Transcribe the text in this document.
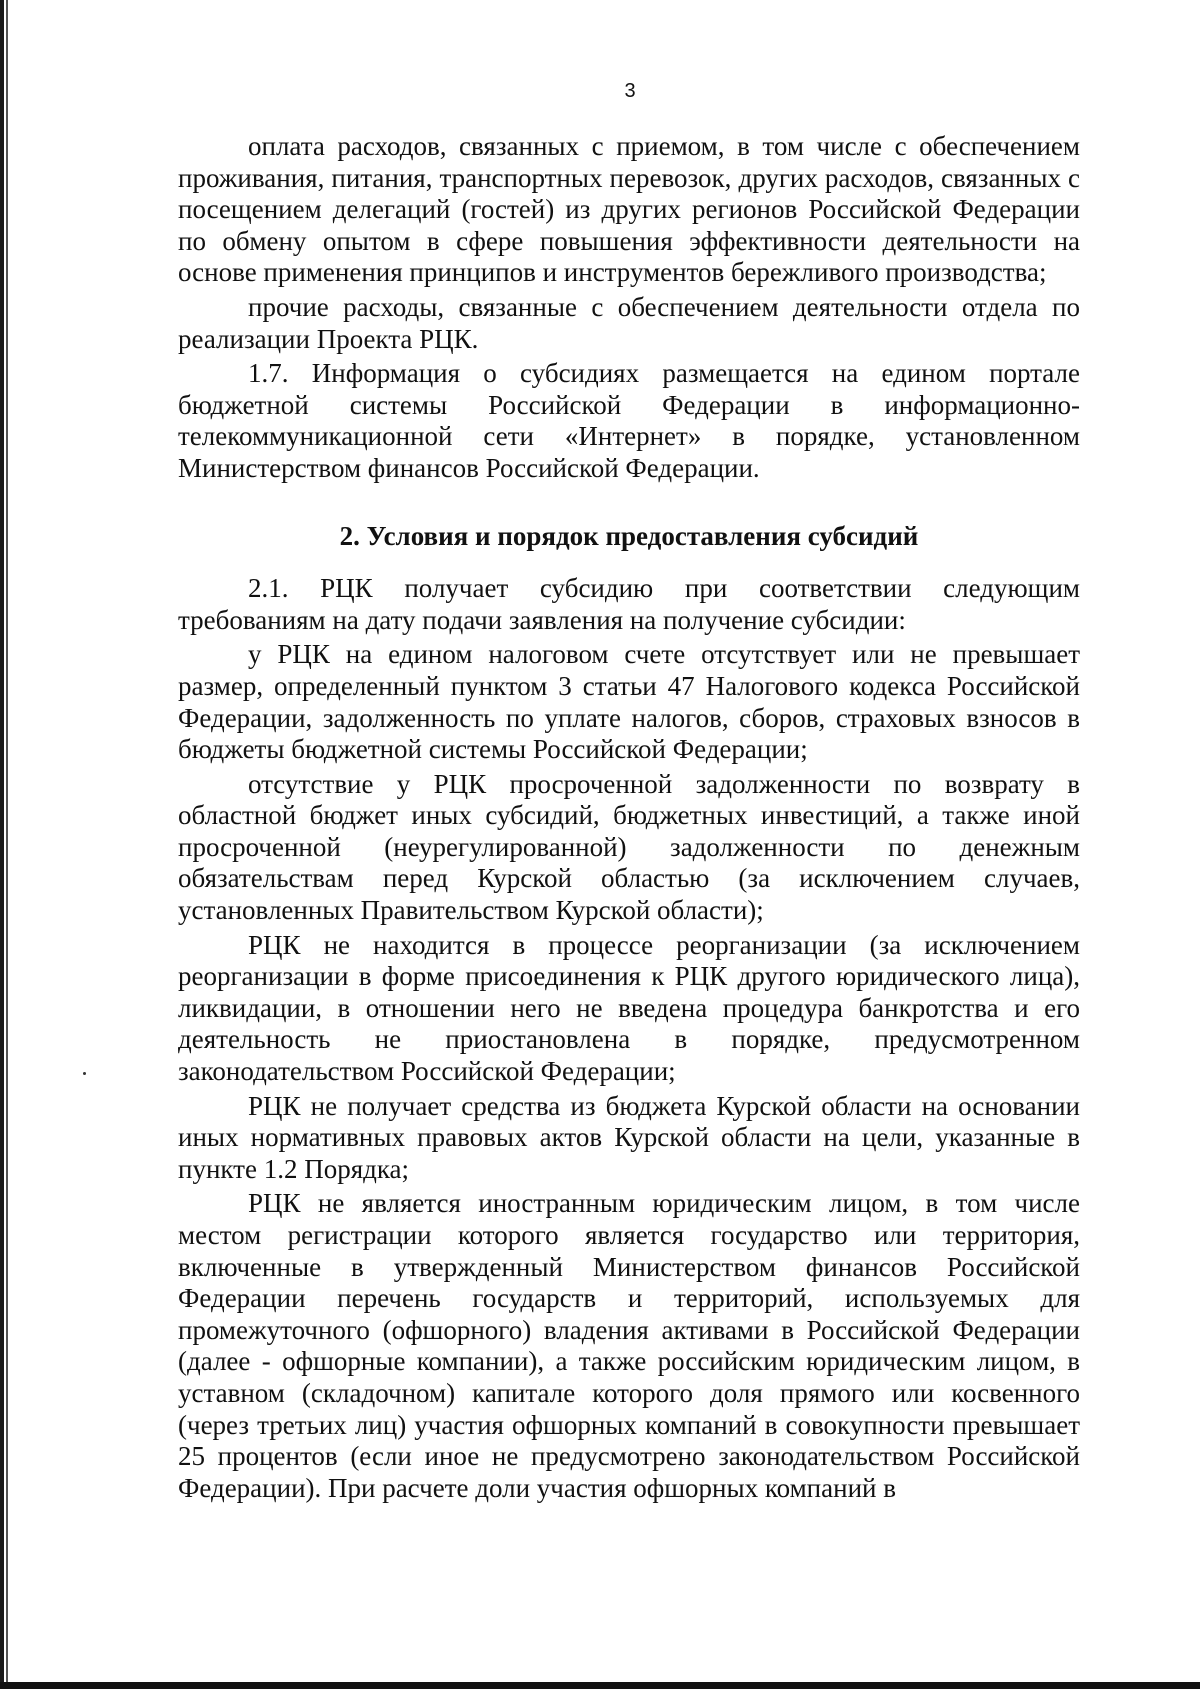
3

оплата расходов, связанных с приемом, в том числе с обеспечением проживания, питания, транспортных перевозок, других расходов, связанных с посещением делегаций (гостей) из других регионов Российской Федерации по обмену опытом в сфере повышения эффективности деятельности на основе применения принципов и инструментов бережливого производства;

прочие расходы, связанные с обеспечением деятельности отдела по реализации Проекта РЦК.

1.7. Информация о субсидиях размещается на едином портале бюджетной системы Российской Федерации в информационно-телекоммуникационной сети «Интернет» в порядке, установленном Министерством финансов Российской Федерации.

2. Условия и порядок предоставления субсидий

2.1. РЦК получает субсидию при соответствии следующим требованиям на дату подачи заявления на получение субсидии:

у РЦК на едином налоговом счете отсутствует или не превышает размер, определенный пунктом 3 статьи 47 Налогового кодекса Российской Федерации, задолженность по уплате налогов, сборов, страховых взносов в бюджеты бюджетной системы Российской Федерации;

отсутствие у РЦК просроченной задолженности по возврату в областной бюджет иных субсидий, бюджетных инвестиций, а также иной просроченной (неурегулированной) задолженности по денежным обязательствам перед Курской областью (за исключением случаев, установленных Правительством Курской области);

РЦК не находится в процессе реорганизации (за исключением реорганизации в форме присоединения к РЦК другого юридического лица), ликвидации, в отношении него не введена процедура банкротства и его деятельность не приостановлена в порядке, предусмотренном законодательством Российской Федерации;

РЦК не получает средства из бюджета Курской области на основании иных нормативных правовых актов Курской области на цели, указанные в пункте 1.2 Порядка;

РЦК не является иностранным юридическим лицом, в том числе местом регистрации которого является государство или территория, включенные в утвержденный Министерством финансов Российской Федерации перечень государств и территорий, используемых для промежуточного (офшорного) владения активами в Российской Федерации (далее - офшорные компании), а также российским юридическим лицом, в уставном (складочном) капитале которого доля прямого или косвенного (через третьих лиц) участия офшорных компаний в совокупности превышает 25 процентов (если иное не предусмотрено законодательством Российской Федерации). При расчете доли участия офшорных компаний в
